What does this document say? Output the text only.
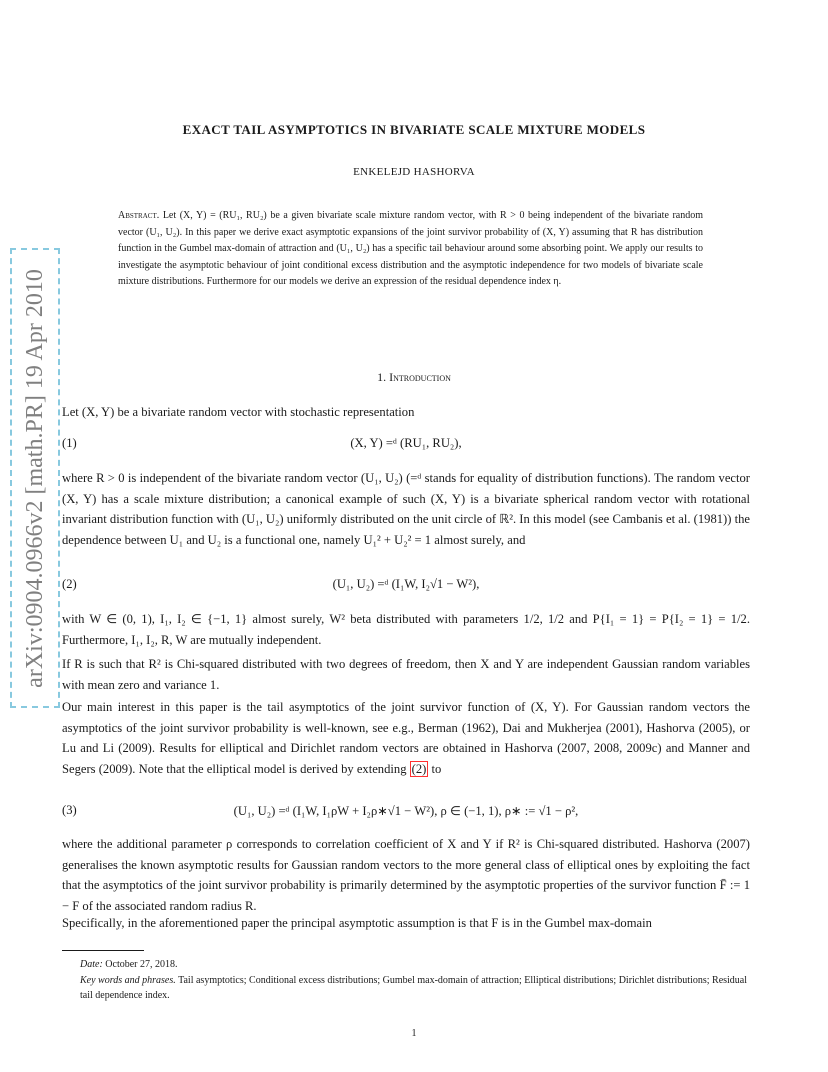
arXiv:0904.0966v2 [math.PR] 19 Apr 2010
EXACT TAIL ASYMPTOTICS IN BIVARIATE SCALE MIXTURE MODELS
ENKELEJD HASHORVA
Abstract. Let (X, Y) = (RU₁, RU₂) be a given bivariate scale mixture random vector, with R > 0 being independent of the bivariate random vector (U₁, U₂). In this paper we derive exact asymptotic expansions of the joint survivor probability of (X, Y) assuming that R has distribution function in the Gumbel max-domain of attraction and (U₁, U₂) has a specific tail behaviour around some absorbing point. We apply our results to investigate the asymptotic behaviour of joint conditional excess distribution and the asymptotic independence for two models of bivariate scale mixture distributions. Furthermore for our models we derive an expression of the residual dependence index η.
1. Introduction
Let (X, Y) be a bivariate random vector with stochastic representation
(1)	(X, Y) =ᵈ (RU₁, RU₂),
where R > 0 is independent of the bivariate random vector (U₁, U₂) (=ᵈ stands for equality of distribution functions). The random vector (X, Y) has a scale mixture distribution; a canonical example of such (X, Y) is a bivariate spherical random vector with rotational invariant distribution function with (U₁, U₂) uniformly distributed on the unit circle of ℝ². In this model (see Cambanis et al. (1981)) the dependence between U₁ and U₂ is a functional one, namely U₁² + U₂² = 1 almost surely, and
(2)	(U₁, U₂) =ᵈ (I₁W, I₂√1 − W²),
with W ∈ (0, 1), I₁, I₂ ∈ {−1, 1} almost surely, W² beta distributed with parameters 1/2, 1/2 and P{I₁ = 1} = P{I₂ = 1} = 1/2. Furthermore, I₁, I₂, R, W are mutually independent.
If R is such that R² is Chi-squared distributed with two degrees of freedom, then X and Y are independent Gaussian random variables with mean zero and variance 1.
Our main interest in this paper is the tail asymptotics of the joint survivor function of (X, Y). For Gaussian random vectors the asymptotics of the joint survivor probability is well-known, see e.g., Berman (1962), Dai and Mukherjea (2001), Hashorva (2005), or Lu and Li (2009). Results for elliptical and Dirichlet random vectors are obtained in Hashorva (2007, 2008, 2009c) and Manner and Segers (2009). Note that the elliptical model is derived by extending (2) to
(3)	(U₁, U₂) =ᵈ (I₁W, I₁ρW + I₂ρ∗√1 − W²), ρ ∈ (−1, 1), ρ∗ := √1 − ρ²,
where the additional parameter ρ corresponds to correlation coefficient of X and Y if R² is Chi-squared distributed. Hashorva (2007) generalises the known asymptotic results for Gaussian random vectors to the more general class of elliptical ones by exploiting the fact that the asymptotics of the joint survivor probability is primarily determined by the asymptotic properties of the survivor function F̄ := 1 − F of the associated random radius R.
Specifically, in the aforementioned paper the principal asymptotic assumption is that F is in the Gumbel max-domain
Date: October 27, 2018.
Key words and phrases. Tail asymptotics; Conditional excess distributions; Gumbel max-domain of attraction; Elliptical distributions; Dirichlet distributions; Residual tail dependence index.
1
